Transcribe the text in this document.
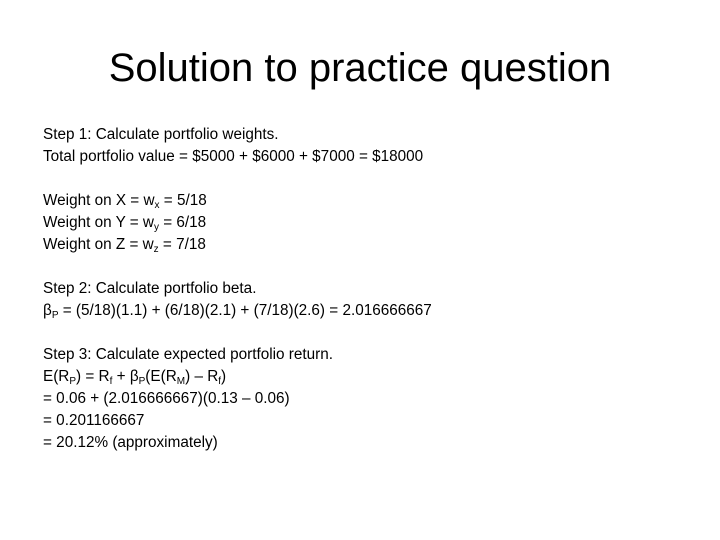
Solution to practice question
Step 1: Calculate portfolio weights.
Total portfolio value = $5000 + $6000 + $7000 = $18000
Weight on $X = w_x = 5/18$
Weight on $Y = w_y = 6/18$
Weight on $Z = w_z = 7/18$
Step 2: Calculate portfolio beta.
$\beta_P = (5/18)(1.1) + (6/18)(2.1) + (7/18)(2.6) = 2.016666667$
Step 3: Calculate expected portfolio return.
$E(R_P) = R_f + \beta_P(E(R_M) - R_f)$
= 0.06 + (2.016666667)(0.13 – 0.06)
= 0.201166667
= 20.12% (approximately)
